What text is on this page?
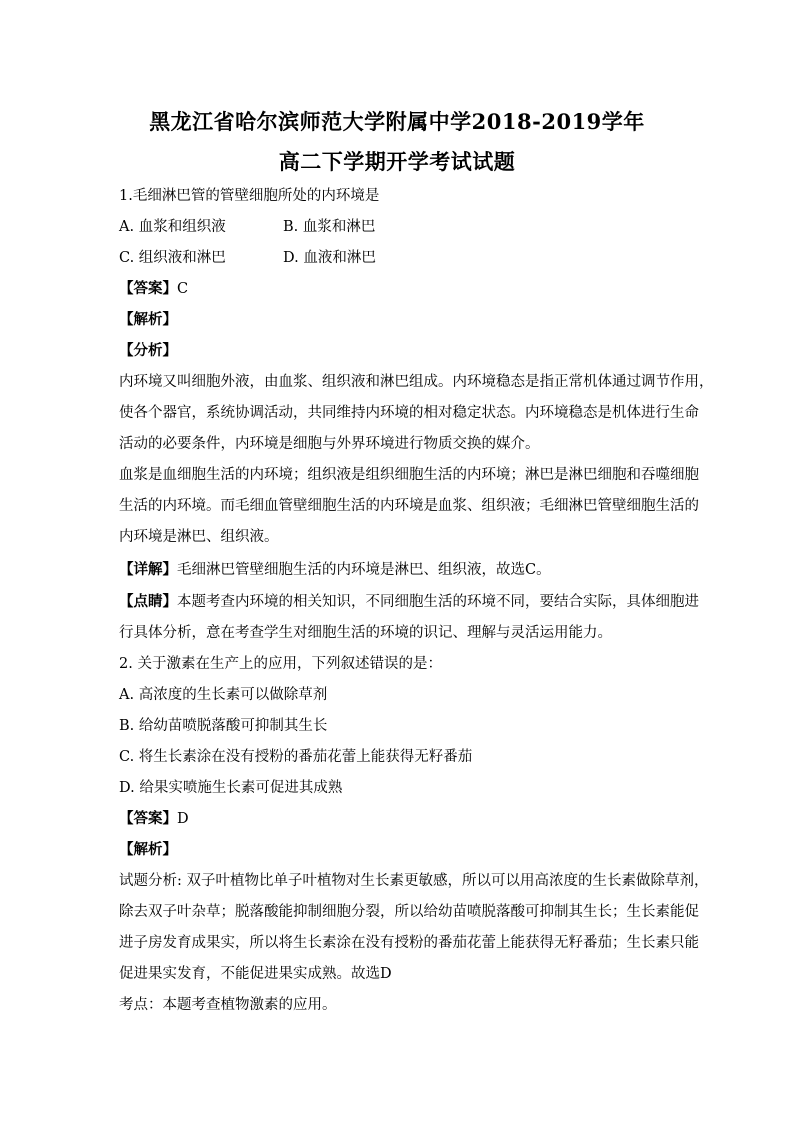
黑龙江省哈尔滨师范大学附属中学2018-2019学年
高二下学期开学考试试题
1.毛细淋巴管的管壁细胞所处的内环境是
A. 血浆和组织液	B. 血浆和淋巴
C. 组织液和淋巴	D. 血液和淋巴
【答案】C
【解析】
【分析】
内环境又叫细胞外液，由血浆、组织液和淋巴组成。内环境稳态是指正常机体通过调节作用，
使各个器官，系统协调活动，共同维持内环境的相对稳定状态。内环境稳态是机体进行生命
活动的必要条件，内环境是细胞与外界环境进行物质交换的媒介。
血浆是血细胞生活的内环境；组织液是组织细胞生活的内环境；淋巴是淋巴细胞和吞噬细胞
生活的内环境。而毛细血管壁细胞生活的内环境是血浆、组织液；毛细淋巴管壁细胞生活的
内环境是淋巴、组织液。
【详解】毛细淋巴管壁细胞生活的内环境是淋巴、组织液，故选C。
【点睛】本题考查内环境的相关知识，不同细胞生活的环境不同，要结合实际，具体细胞进
行具体分析，意在考查学生对细胞生活的环境的识记、理解与灵活运用能力。
2. 关于激素在生产上的应用，下列叙述错误的是：
A. 高浓度的生长素可以做除草剂
B. 给幼苗喷脱落酸可抑制其生长
C. 将生长素涂在没有授粉的番茄花蕾上能获得无籽番茄
D. 给果实喷施生长素可促进其成熟
【答案】D
【解析】
试题分析: 双子叶植物比单子叶植物对生长素更敏感，所以可以用高浓度的生长素做除草剂，
除去双子叶杂草；脱落酸能抑制细胞分裂，所以给幼苗喷脱落酸可抑制其生长；生长素能促
进子房发育成果实，所以将生长素涂在没有授粉的番茄花蕾上能获得无籽番茄；生长素只能
促进果实发育，不能促进果实成熟。故选D
考点：本题考查植物激素的应用。
